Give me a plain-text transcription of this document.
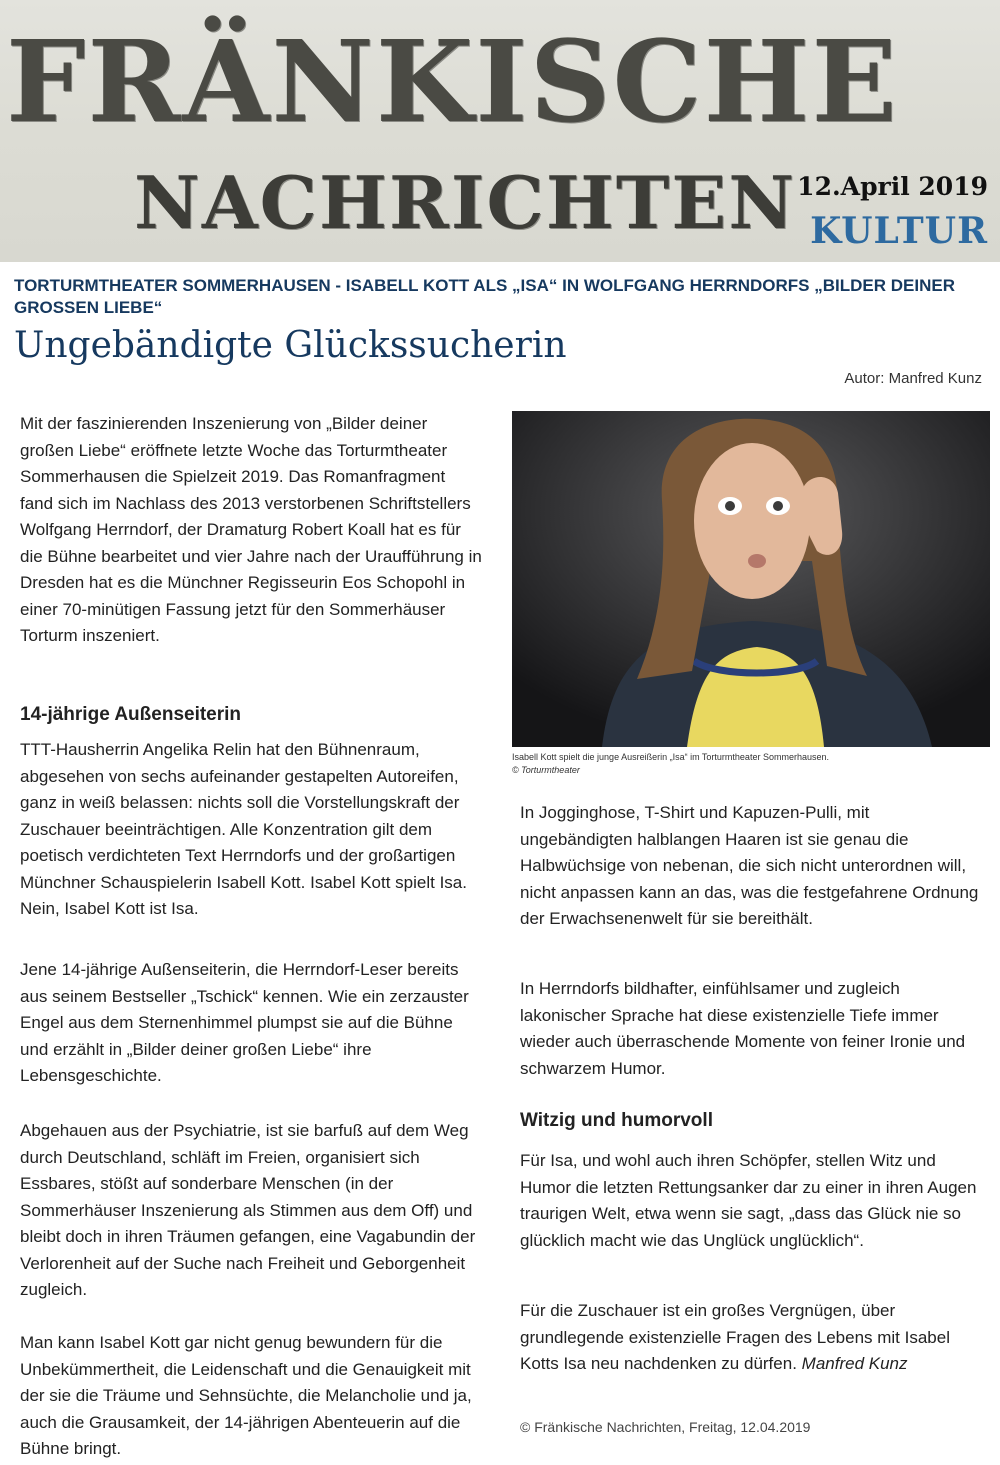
FRÄNKISCHE
NACHRICHTEN 12.April 2019
KULTUR
TORTURMTHEATER SOMMERHAUSEN - ISABELL KOTT ALS „ISA“ IN WOLFGANG HERRNDORFS „BILDER DEINER GROSSEN LIEBE“
Ungebändigte Glückssucherin
Autor: Manfred Kunz

Mit der faszinierenden Inszenierung von „Bilder deiner großen Liebe“ eröffnete letzte Woche das Torturmtheater Sommerhausen die Spielzeit 2019. Das Romanfragment fand sich im Nachlass des 2013 verstorbenen Schriftstellers Wolfgang Herrndorf, der Dramaturg Robert Koall hat es für die Bühne bearbeitet und vier Jahre nach der Uraufführung in Dresden hat es die Münchner Regisseurin Eos Schopohl in einer 70-minütigen Fassung jetzt für den Sommerhäuser Torturm inszeniert.

14-jährige Außenseiterin

TTT-Hausherrin Angelika Relin hat den Bühnenraum, abgesehen von sechs aufeinander gestapelten Autoreifen, ganz in weiß belassen: nichts soll die Vorstellungskraft der Zuschauer beeinträchtigen. Alle Konzentration gilt dem poetisch verdichteten Text Herrndorfs und der großartigen Münchner Schauspielerin Isabell Kott. Isabel Kott spielt Isa. Nein, Isabel Kott ist Isa.

Jene 14-jährige Außenseiterin, die Herrndorf-Leser bereits aus seinem Bestseller „Tschick“ kennen. Wie ein zerzauster Engel aus dem Sternenhimmel plumpst sie auf die Bühne und erzählt in „Bilder deiner großen Liebe“ ihre Lebensgeschichte.

Abgehauen aus der Psychiatrie, ist sie barfuß auf dem Weg durch Deutschland, schläft im Freien, organisiert sich Essbares, stößt auf sonderbare Menschen (in der Sommerhäuser Inszenierung als Stimmen aus dem Off) und bleibt doch in ihren Träumen gefangen, eine Vagabundin der Verlorenheit auf der Suche nach Freiheit und Geborgenheit zugleich.

Man kann Isabel Kott gar nicht genug bewundern für die Unbekümmertheit, die Leidenschaft und die Genauigkeit mit der sie die Träume und Sehnsüchte, die Melancholie und ja, auch die Grausamkeit, der 14-jährigen Abenteuerin auf die Bühne bringt.

Isabell Kott spielt die junge Ausreißerin „Isa“ im Torturmtheater Sommerhausen.
© Torturmtheater

In Jogginghose, T-Shirt und Kapuzen-Pulli, mit ungebändigten halblangen Haaren ist sie genau die Halbwüchsige von nebenan, die sich nicht unterordnen will, nicht anpassen kann an das, was die festgefahrene Ordnung der Erwachsenenwelt für sie bereithält.

In Herrndorfs bildhafter, einfühlsamer und zugleich lakonischer Sprache hat diese existenzielle Tiefe immer wieder auch überraschende Momente von feiner Ironie und schwarzem Humor.

Witzig und humorvoll

Für Isa, und wohl auch ihren Schöpfer, stellen Witz und Humor die letzten Rettungsanker dar zu einer in ihren Augen traurigen Welt, etwa wenn sie sagt, „dass das Glück nie so glücklich macht wie das Unglück unglücklich“.

Für die Zuschauer ist ein großes Vergnügen, über grundlegende existenzielle Fragen des Lebens mit Isabel Kotts Isa neu nachdenken zu dürfen. Manfred Kunz

© Fränkische Nachrichten, Freitag, 12.04.2019
